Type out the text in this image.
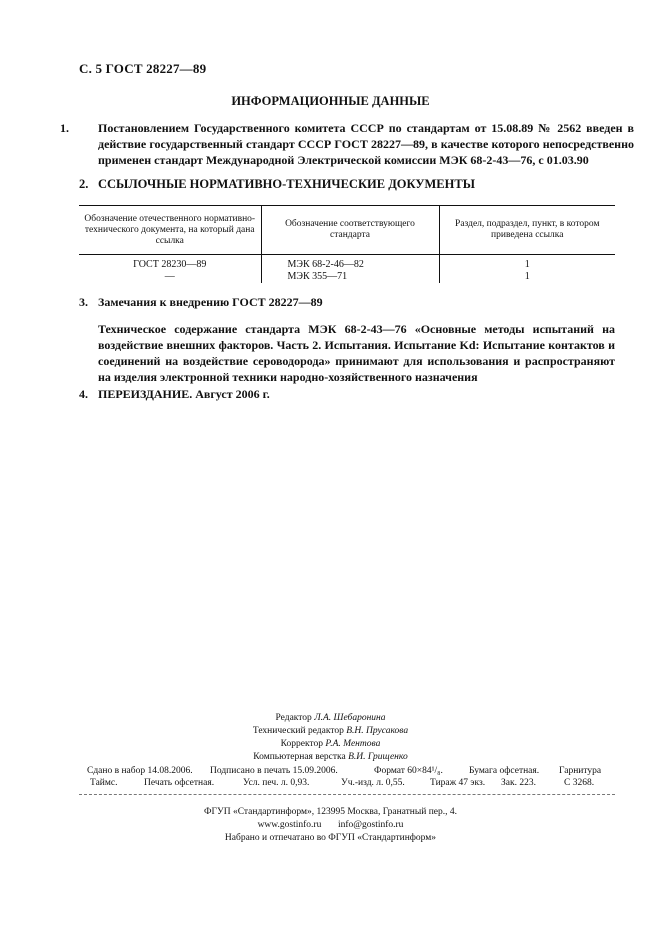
С. 5 ГОСТ 28227—89
ИНФОРМАЦИОННЫЕ ДАННЫЕ
1. Постановлением Государственного комитета СССР по стандартам от 15.08.89 № 2562 введен в действие государственный стандарт СССР ГОСТ 28227—89, в качестве которого непосредственно применен стандарт Международной Электрической комиссии МЭК 68-2-43—76, с 01.03.90
2. ССЫЛОЧНЫЕ НОРМАТИВНО-ТЕХНИЧЕСКИЕ ДОКУМЕНТЫ
Обозначение отечественного нормативно-технического документа, на который дана ссылка	Обозначение соответствующего стандарта	Раздел, подраздел, пункт, в котором приведена ссылка
ГОСТ 28230—89	МЭК 68-2-46—82	1
—	МЭК 355—71	1
3. Замечания к внедрению ГОСТ 28227—89
Техническое содержание стандарта МЭК 68-2-43—76 «Основные методы испытаний на воздействие внешних факторов. Часть 2. Испытания. Испытание Kd: Испытание контактов и соединений на воздействие сероводорода» принимают для использования и распространяют на изделия электронной техники народно-хозяйственного назначения
4. ПЕРЕИЗДАНИЕ. Август 2006 г.
Редактор Л.А. Шебаронина
Технический редактор В.Н. Прусакова
Корректор Р.А. Ментова
Компьютерная верстка В.И. Грищенко
Сдано в набор 14.08.2006. Подписано в печать 15.09.2006.	Формат 60×84¹/₈.	Бумага офсетная. Гарнитура
Таймс.	Печать офсетная.	Усл. печ. л. 0,93.	Уч.-изд. л. 0,55.	Тираж 47 экз. Зак. 223.	С 3268.
ФГУП «Стандартинформ», 123995 Москва, Гранатный пер., 4.
www.gostinfo.ru       info@gostinfo.ru
Набрано и отпечатано во ФГУП «Стандартинформ»
